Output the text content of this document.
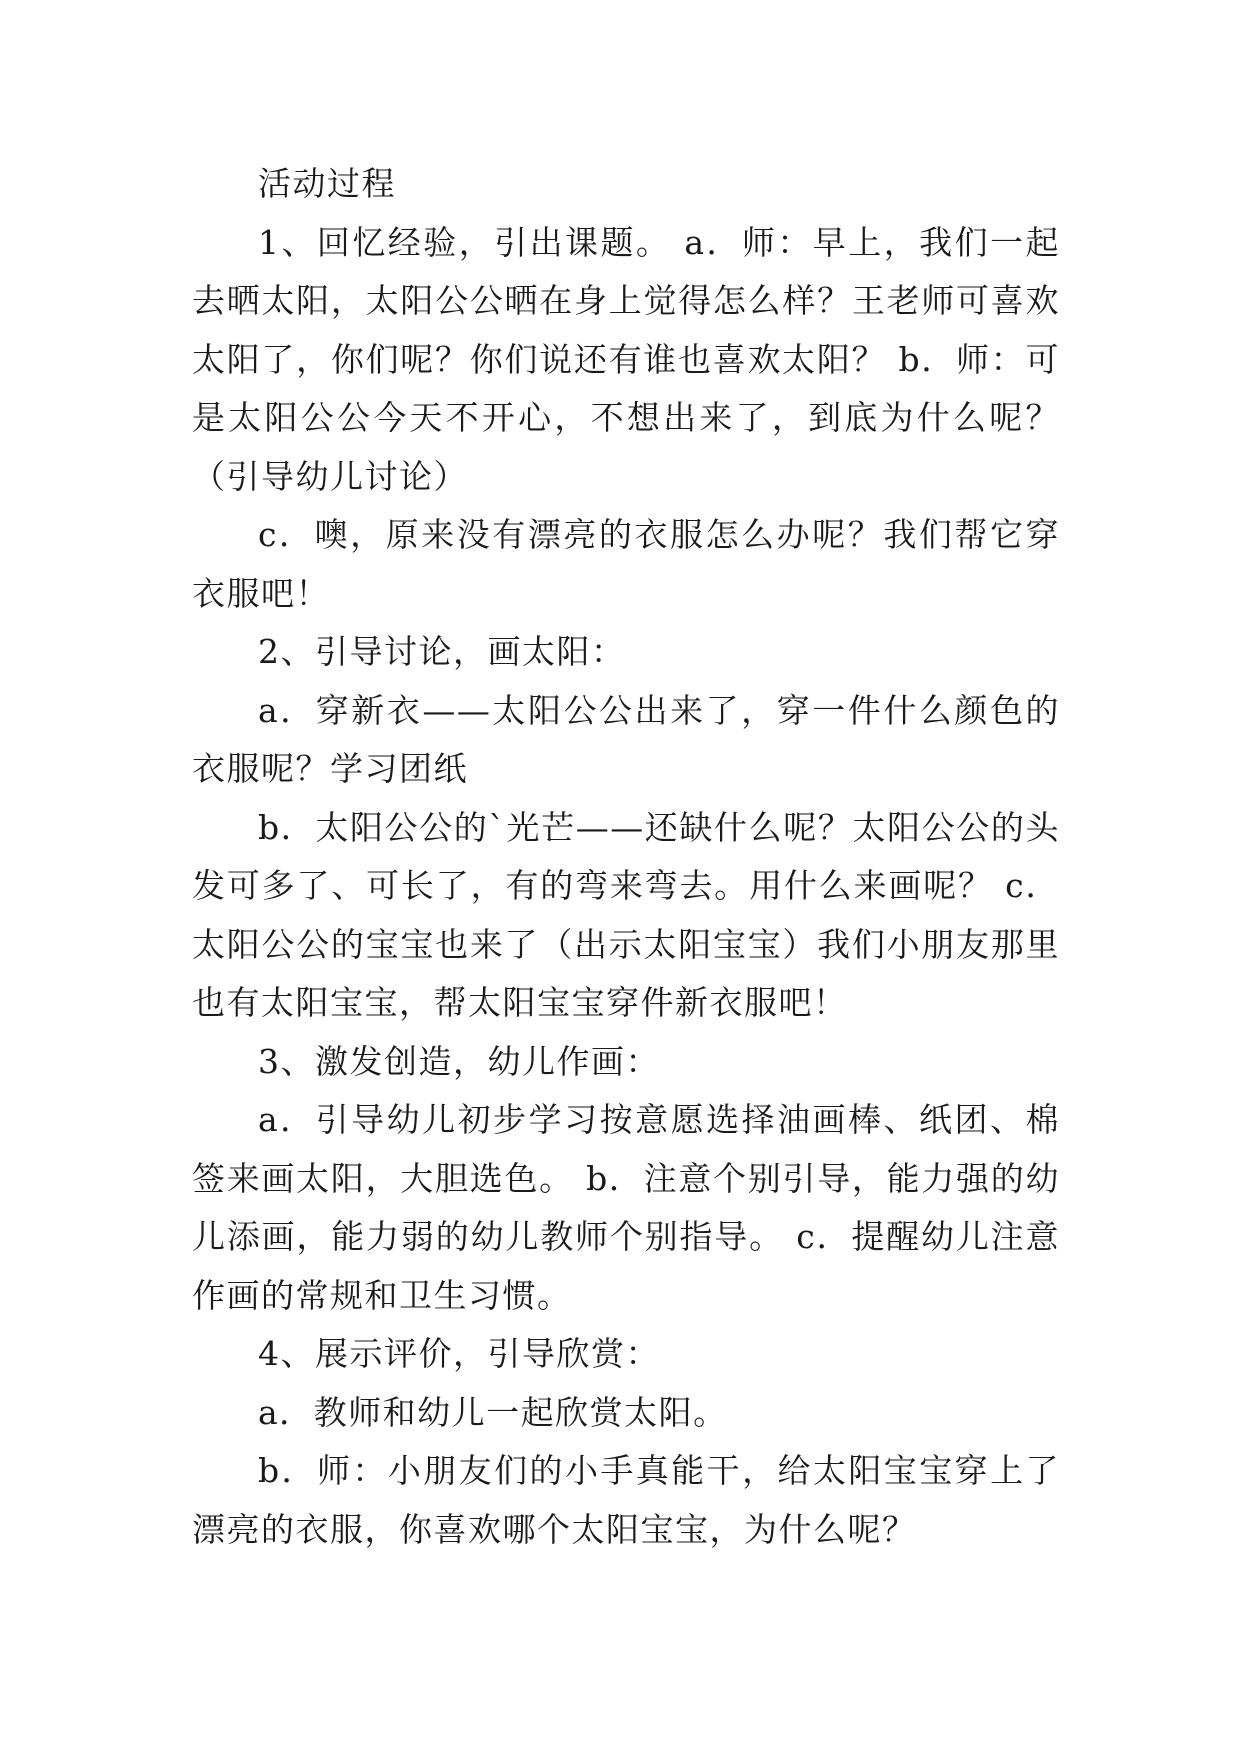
活动过程

1、回忆经验，引出课题。 a．师：早上，我们一起去晒太阳，太阳公公晒在身上觉得怎么样？王老师可喜欢太阳了，你们呢？你们说还有谁也喜欢太阳？ b．师：可是太阳公公今天不开心，不想出来了，到底为什么呢？（引导幼儿讨论）

c．噢，原来没有漂亮的衣服怎么办呢？我们帮它穿衣服吧！

2、引导讨论，画太阳：

a．穿新衣——太阳公公出来了，穿一件什么颜色的衣服呢？学习团纸

b．太阳公公的`光芒——还缺什么呢？太阳公公的头发可多了、可长了，有的弯来弯去。用什么来画呢？ c．太阳公公的宝宝也来了（出示太阳宝宝）我们小朋友那里也有太阳宝宝，帮太阳宝宝穿件新衣服吧！

3、激发创造，幼儿作画：

a．引导幼儿初步学习按意愿选择油画棒、纸团、棉签来画太阳，大胆选色。 b．注意个别引导，能力强的幼儿添画，能力弱的幼儿教师个别指导。 c．提醒幼儿注意作画的常规和卫生习惯。

4、展示评价，引导欣赏：

a．教师和幼儿一起欣赏太阳。

b．师：小朋友们的小手真能干，给太阳宝宝穿上了漂亮的衣服，你喜欢哪个太阳宝宝，为什么呢？
